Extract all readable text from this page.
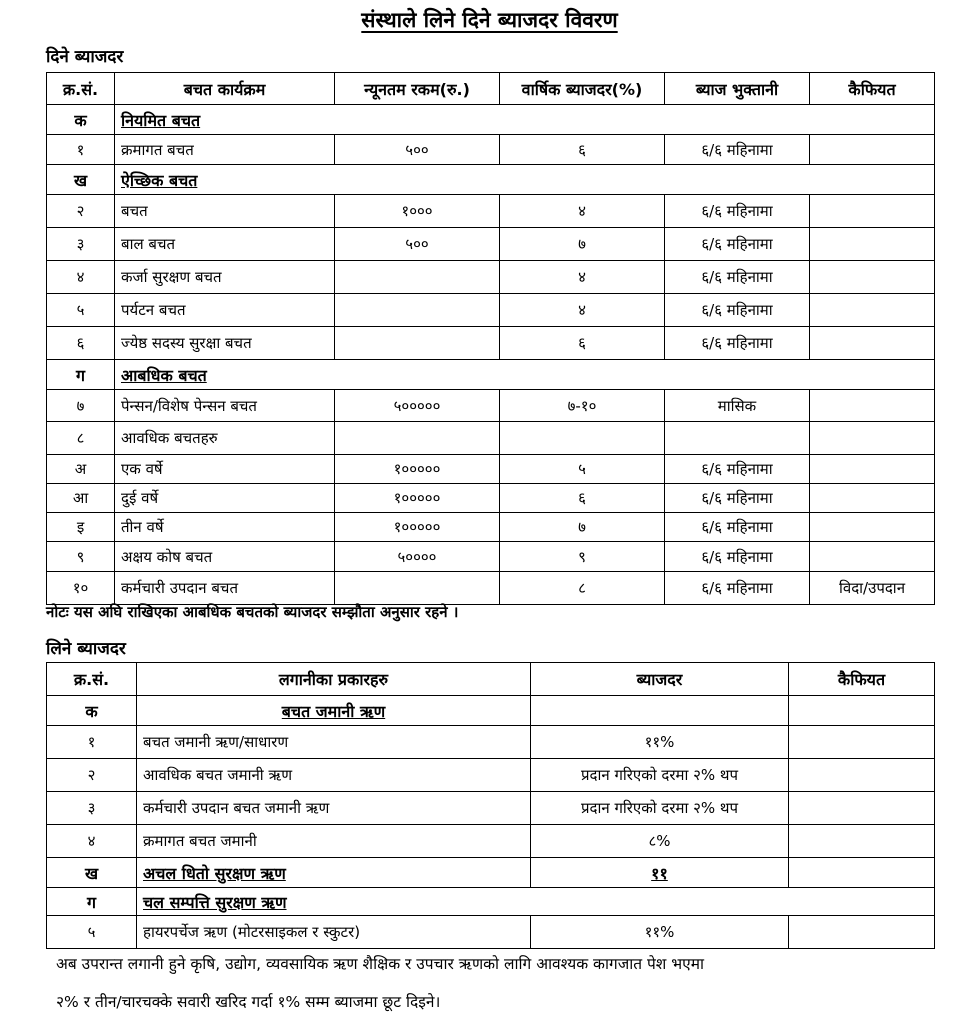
संस्थाले लिने दिने ब्याजदर विवरण
दिने ब्याजदर
क्र.सं.	बचत कार्यक्रम	न्यूनतम रकम(रु.)	वार्षिक ब्याजदर(%)	ब्याज भुक्तानी	कैफियत
क	नियमित बचत				
१	क्रमागत बचत	५००	६	६/६ महिनामा	
ख	ऐच्छिक बचत				
२	बचत	१०००	४	६/६ महिनामा	
३	बाल बचत	५००	७	६/६ महिनामा	
४	कर्जा सुरक्षण बचत		४	६/६ महिनामा	
५	पर्यटन बचत		४	६/६ महिनामा	
६	ज्येष्ठ सदस्य सुरक्षा बचत		६	६/६ महिनामा	
ग	आबधिक बचत				
७	पेन्सन/विशेष पेन्सन बचत	५०००००	७-१०	मासिक	
८	आवधिक बचतहरु				
अ	एक वर्षे	१०००००	५	६/६ महिनामा	
आ	दुई वर्षे	१०००००	६	६/६ महिनामा	
इ	तीन वर्षे	१०००००	७	६/६ महिनामा	
९	अक्षय कोष बचत	५००००	९	६/६ महिनामा	
१०	कर्मचारी उपदान बचत		८	६/६ महिनामा	विदा/उपदान
नोटः यस अघि राखिएका आबधिक बचतको ब्याजदर सम्झौता अनुसार रहने ।
लिने ब्याजदर
क्र.सं.	लगानीका प्रकारहरु	ब्याजदर	कैफियत
क	बचत जमानी ऋण		
१	बचत जमानी ऋण/साधारण	११%	
२	आवधिक बचत जमानी ऋण	प्रदान गरिएको दरमा २% थप	
३	कर्मचारी उपदान बचत जमानी ऋण	प्रदान गरिएको दरमा २% थप	
४	क्रमागत बचत जमानी	८%	
ख	अचल धितो सुरक्षण ऋण	११	
ग	चल सम्पत्ति सुरक्षण ऋण		
५	हायरपर्चेज ऋण (मोटरसाइकल र स्कुटर)	११%	
अब उपरान्त लगानी हुने कृषि, उद्योग, व्यवसायिक ऋण शैक्षिक र उपचार ऋणको लागि आवश्यक कागजात पेश भएमा
२% र तीन/चारचक्के सवारी खरिद गर्दा १% सम्म ब्याजमा छूट दिइने।
